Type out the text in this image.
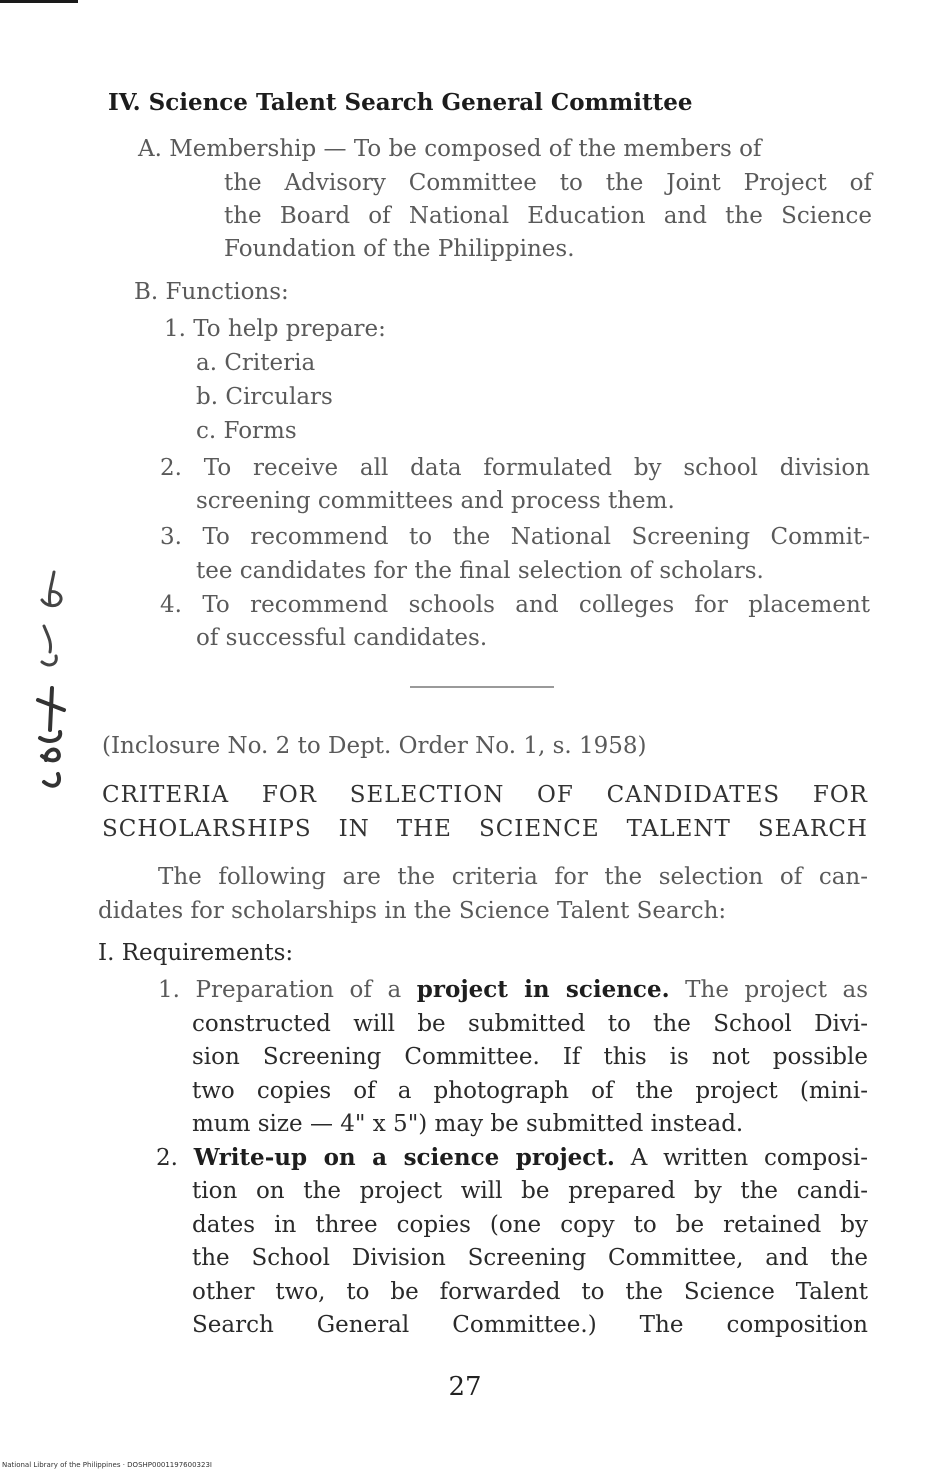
IV. Science Talent Search General Committee
A. Membership — To be composed of the members of
the Advisory Committee to the Joint Project of
the Board of National Education and the Science
Foundation of the Philippines.
B. Functions:
1. To help prepare:
a. Criteria
b. Circulars
c. Forms
2. To receive all data formulated by school division
screening committees and process them.
3. To recommend to the National Screening Commit-
tee candidates for the final selection of scholars.
4. To recommend schools and colleges for placement
of successful candidates.
(Inclosure No. 2 to Dept. Order No. 1, s. 1958)
CRITERIA FOR SELECTION OF CANDIDATES FOR
SCHOLARSHIPS IN THE SCIENCE TALENT SEARCH
The following are the criteria for the selection of can-
didates for scholarships in the Science Talent Search:
I. Requirements:
1. Preparation of a project in science. The project as
constructed will be submitted to the School Divi-
sion Screening Committee. If this is not possible
two copies of a photograph of the project (mini-
mum size — 4" x 5") may be submitted instead.
2. Write-up on a science project. A written composi-
tion on the project will be prepared by the candi-
dates in three copies (one copy to be retained by
the School Division Screening Committee, and the
other two, to be forwarded to the Science Talent
Search General Committee.) The composition
27
National Library of the Philippines · DOSHP0001197600323I
